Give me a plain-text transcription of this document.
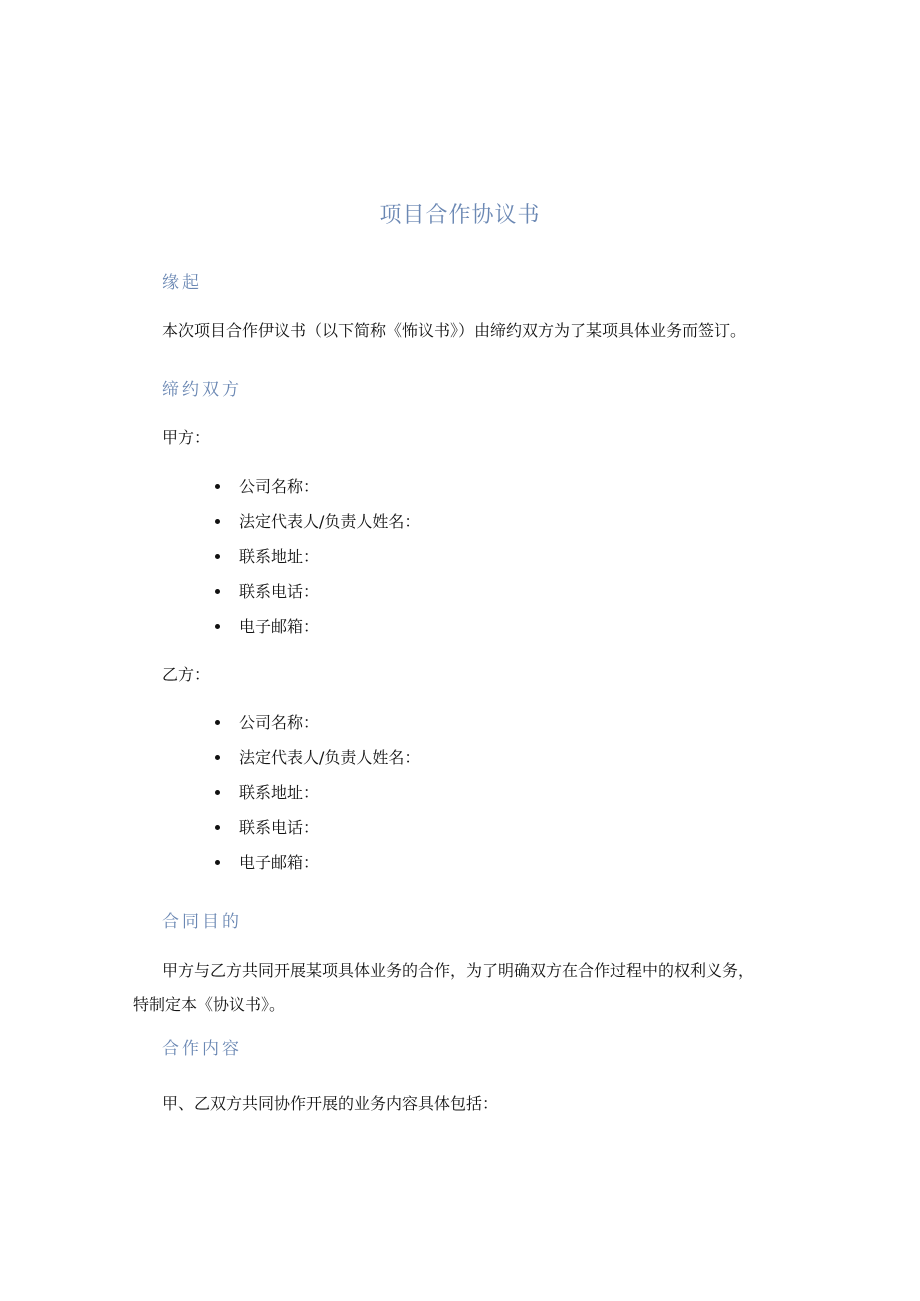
项目合作协议书
缘起
本次项目合作伊议书（以下简称《怖议书》）由缔约双方为了某项具体业务而签订。
缔约双方
甲方：
公司名称：
法定代表人/负责人姓名：
联系地址：
联系电话：
电子邮箱：
乙方：
公司名称：
法定代表人/负责人姓名：
联系地址：
联系电话：
电子邮箱：
合同目的
甲方与乙方共同开展某项具体业务的合作，为了明确双方在合作过程中的权利义务，
特制定本《协议书》。
合作内容
甲、乙双方共同协作开展的业务内容具体包括：
